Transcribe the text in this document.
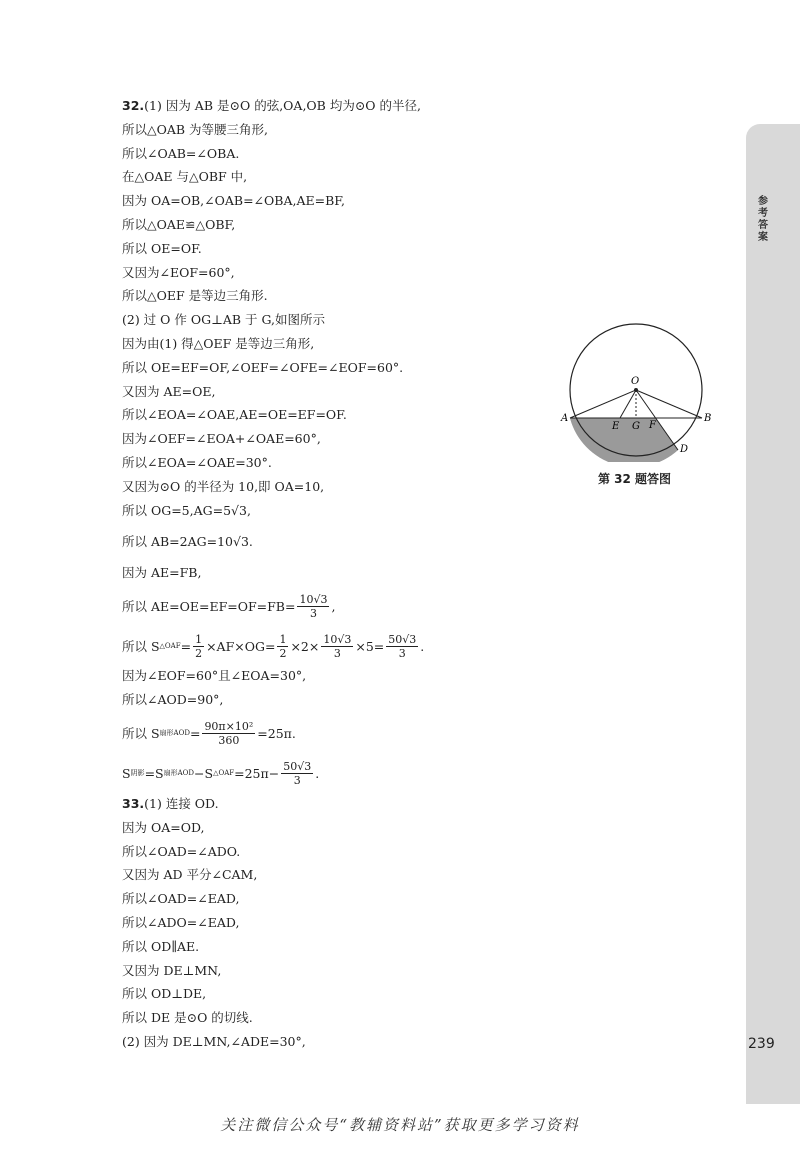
32.(1) 因为 AB 是⊙O 的弦,OA,OB 均为⊙O 的半径,
所以△OAB 为等腰三角形,
所以∠OAB=∠OBA.
在△OAE 与△OBF 中,
因为 OA=OB,∠OAB=∠OBA,AE=BF,
所以△OAE≌△OBF,
所以 OE=OF.
又因为∠EOF=60°,
所以△OEF 是等边三角形.
(2) 过 O 作 OG⊥AB 于 G,如图所示
因为由(1) 得△OEF 是等边三角形,
所以 OE=EF=OF,∠OEF=∠OFE=∠EOF=60°.
又因为 AE=OE,
所以∠EOA=∠OAE,AE=OE=EF=OF.
因为∠OEF=∠EOA+∠OAE=60°,
所以∠EOA=∠OAE=30°.
又因为⊙O 的半径为 10,即 OA=10,
所以 OG=5,AG=5√3,
所以 AB=2AG=10√3.
因为 AE=FB,
所以 $AE=OE=EF=OF=FB= \frac{10√3}{3}$ ,
所以 S △OAF = $\frac{1}{2} \times AF\times OG= \frac{1}{2} \times 2\times \frac{10√3}{3} \times 5= \frac{50√3}{3}$ .
因为∠EOF=60°且∠EOA=30°,
所以∠AOD=90°,
所以 S 扇形AOD = $\frac{\text{90π×10²}}{360} =25\pi$.
S 阴影 =S 扇形AOD −S △OAF $=25\pi- \frac{50√3}{3}$ .
33.(1) 连接 OD.
因为 OA=OD,
所以∠OAD=∠ADO.
又因为 AD 平分∠CAM,
所以∠OAD=∠EAD,
所以∠ADO=∠EAD,
所以 OD∥AE.
又因为 DE⊥MN,
所以 OD⊥DE,
所以 DE 是⊙O 的切线.
(2) 因为 DE⊥MN,∠ADE=30°,
O
A	B
E G F
D
第 32 题答图
参考答案
239
关注微信公众号“教辅资料站”获取更多学习资料
